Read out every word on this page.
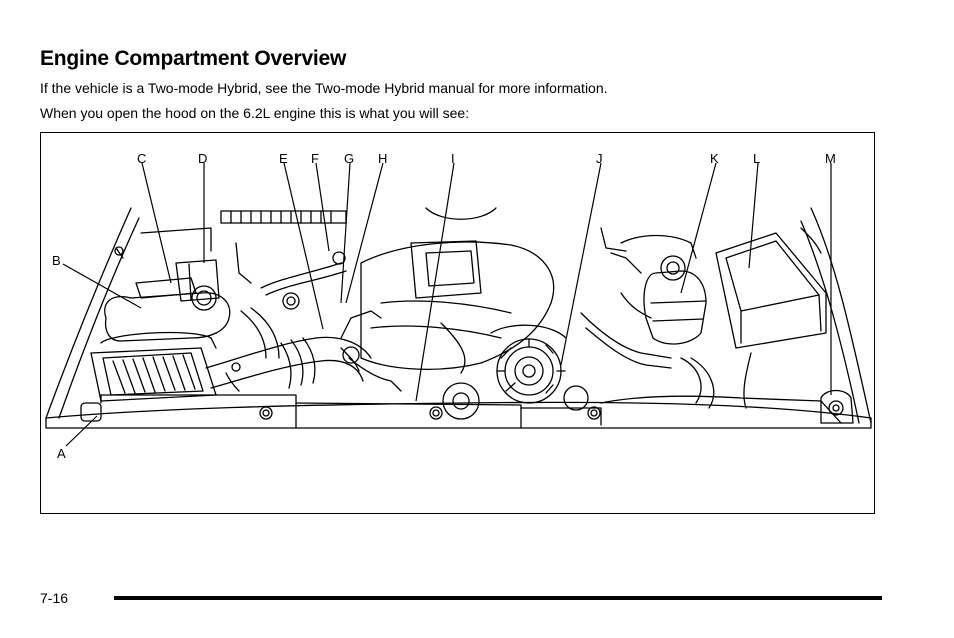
Engine Compartment Overview

If the vehicle is a Two-mode Hybrid, see the Two-mode Hybrid manual for more information.

When you open the hood on the 6.2L engine this is what you will see:

C	D	E F G H	I	J	K	L	M
B
A
7-16
